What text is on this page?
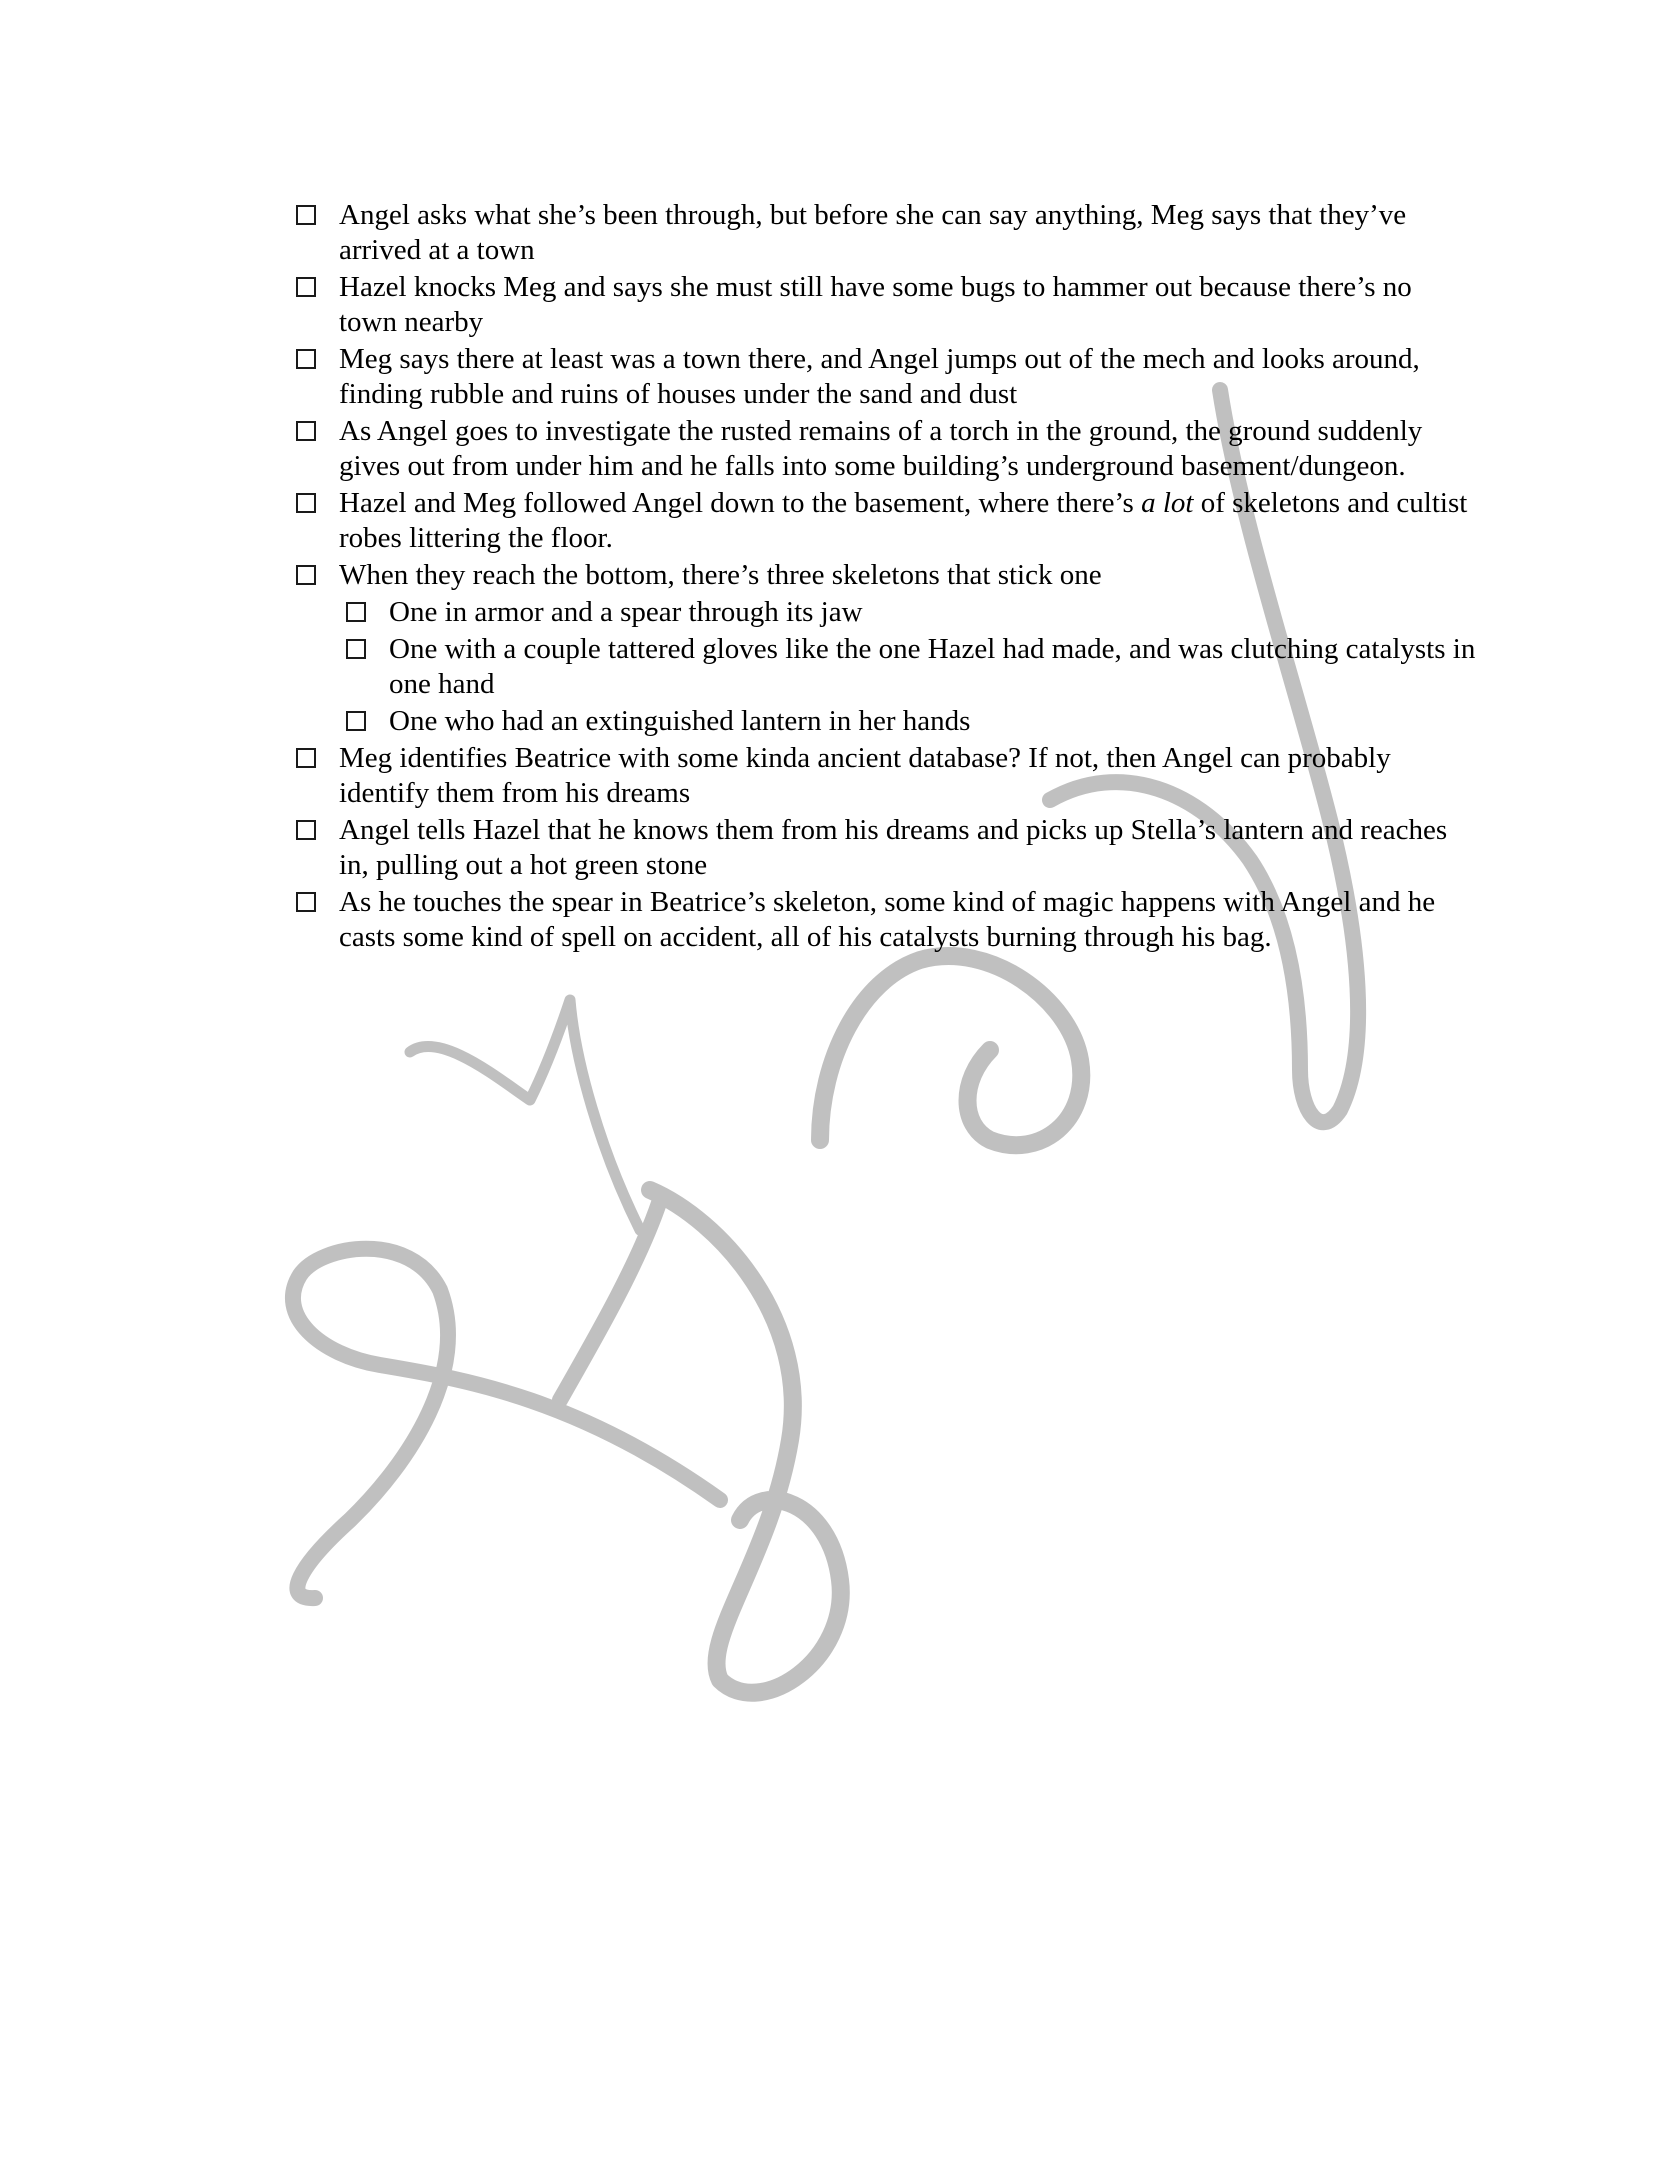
Angel asks what she’s been through, but before she can say anything, Meg says that they’ve arrived at a town
Hazel knocks Meg and says she must still have some bugs to hammer out because there’s no town nearby
Meg says there at least was a town there, and Angel jumps out of the mech and looks around, finding rubble and ruins of houses under the sand and dust
As Angel goes to investigate the rusted remains of a torch in the ground, the ground suddenly gives out from under him and he falls into some building’s underground basement/dungeon.
Hazel and Meg followed Angel down to the basement, where there’s a lot of skeletons and cultist robes littering the floor.
When they reach the bottom, there’s three skeletons that stick one
One in armor and a spear through its jaw
One with a couple tattered gloves like the one Hazel had made, and was clutching catalysts in one hand
One who had an extinguished lantern in her hands
Meg identifies Beatrice with some kinda ancient database? If not, then Angel can probably identify them from his dreams
Angel tells Hazel that he knows them from his dreams and picks up Stella’s lantern and reaches in, pulling out a hot green stone
As he touches the spear in Beatrice’s skeleton, some kind of magic happens with Angel and he casts some kind of spell on accident, all of his catalysts burning through his bag.
